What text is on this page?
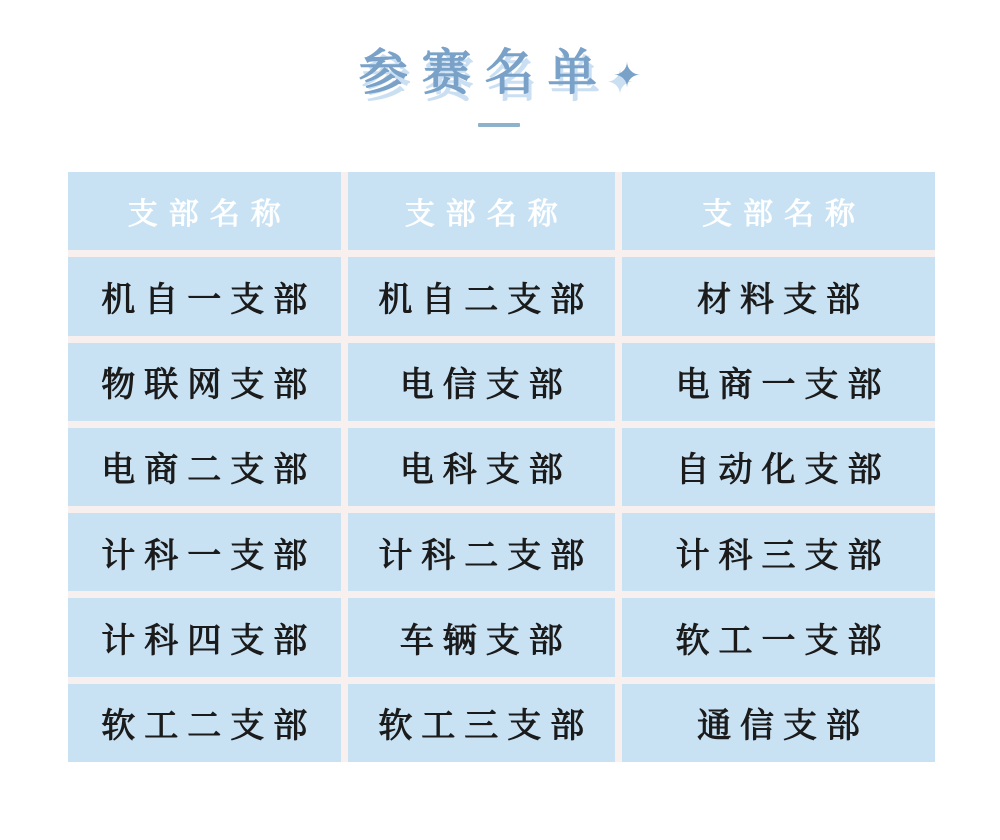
参赛名单✦
支部名称	支部名称	支部名称
机自一支部	机自二支部	材料支部
物联网支部	电信支部	电商一支部
电商二支部	电科支部	自动化支部
计科一支部	计科二支部	计科三支部
计科四支部	车辆支部	软工一支部
软工二支部	软工三支部	通信支部
